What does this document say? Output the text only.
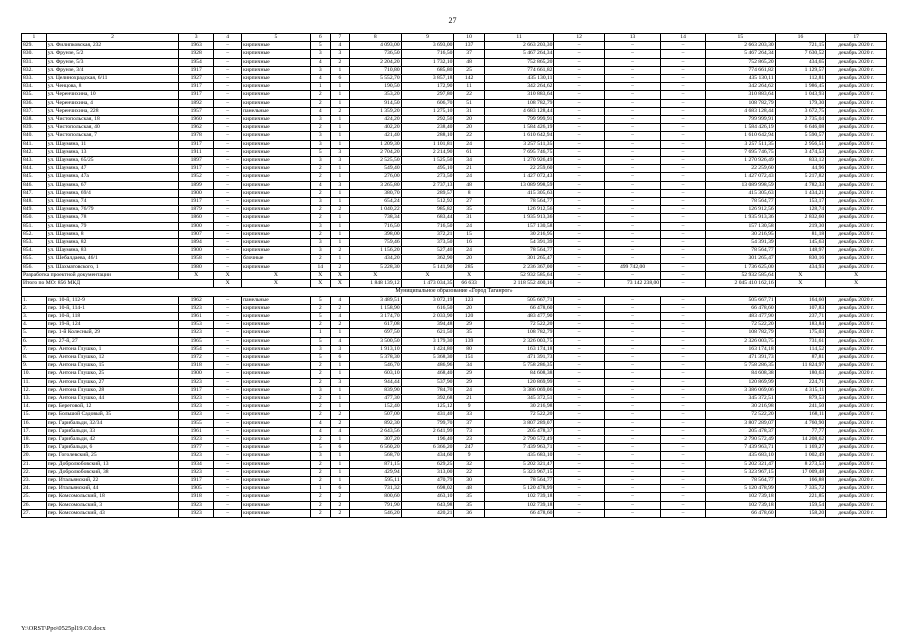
27
1	2	3	4	5	6	7	8	9	10	11	12	13	14	15	16	17
829.	ул. Филипковская, 232	1963	–	кирпичные	5	4	4 093,00	3 693,00	137	2 663 203,30	–	–	–	2 663 203,30	721,15	декабрь 2020 г.
830.	ул. Фрунзе, 5/2	1928	–	кирпичные	3	3	736,50	716,50	37	5 467 264,34	–	–	–	5 467 264,34	7 630,52	декабрь 2020 г.
831.	ул. Фрунзе, 5/3	1954	–	кирпичные	4	2	2 204,20	1 732,10	48	752 865,20	–	–	–	752 865,20	434,65	декабрь 2020 г.
832.	ул. Фрунзе, 3/4	1917	–	кирпичные	3	1	710,80	685,80	25	774 661,82	–	–	–	774 661,82	1 129,57	декабрь 2020 г.
833.	ул. Целинохрадская, 6/11	1927	–	кирпичные	4	6	5 552,70	3 857,18	142	435 130,11	–	–	–	435 130,11	112,81	декабрь 2020 г.
834.	ул. Ченцова, 8	1917	–	кирпичные	1	1	190,50	172,90	11	342 264,62	–	–	–	342 264,62	1 986,45	декабрь 2020 г.
835.	ул. Чеpенчихина, 10	1917	–	кирпичные	2	1	353,20	297,80	22	310 883,64	–	–	–	310 883,64	1 043,93	декабрь 2020 г.
836.	ул. Чеpенчихина, 4	1892	–	кирпичные	2	1	914,50	606,70	51	108 782,79	–	–	–	108 782,79	179,30	декабрь 2020 г.
837.	ул. Чеpенчихина, 228	1957	–	панельные	4	2	1 359,20	1 275,10	31	4 683 128,44	–	–	–	4 683 128,44	3 672,75	декабрь 2020 г.
838.	ул. Чистопольская, 18	1960	–	кирпичные	3	1	424,20	292,50	20	799 999,91	–	–	–	799 999,91	2 735,04	декабрь 2020 г.
839.	ул. Чистопольская, 40	1962	–	кирпичные	2	1	402,20	238,40	20	1 584 426,19	–	–	–	1 584 426,19	6 646,08	декабрь 2020 г.
840.	ул. Чистопольская, 7	1978	–	кирпичные	3	1	421,40	288,10	22	1 610 642,94	–	–	–	1 610 642,94	5 590,57	декабрь 2020 г.
841.	ул. Шаумяна, 11	1917	–	кирпичные	3	1	1 209,30	1 101,81	24	3 257 511,35	–	–	–	3 257 511,35	2 956,51	декабрь 2020 г.
842.	ул. Шаумяна, 13	1911	–	кирпичные	5	3	2 704,20	2 214,90	61	7 695 746,75	–	–	–	7 695 746,75	3 474,53	декабрь 2020 г.
843.	ул. Шаумяна, 65/25	1897	–	кирпичные	3	3	2 525,50	1 525,50	34	1 270 926,49	–	–	–	1 270 926,49	833,12	декабрь 2020 г.
844.	ул. Шаумяна, 47	1917	–	кирпичные	2	1	549,40	495,10	21	22 259,60	–	–	–	22 259,60	44,96	декабрь 2020 г.
845.	ул. Шаумяна, 47а	1952	–	кирпичные	2	1	276,00	273,50	24	1 427 072,43	–	–	–	1 427 072,43	5 217,82	декабрь 2020 г.
846.	ул. Шаумяна, 67	1899	–	кирпичные	4	3	3 265,80	2 737,13	48	13 089 998,59	–	–	–	13 089 998,59	4 782,33	декабрь 2020 г.
847.	ул. Шаумяна, 69/4	1900	–	кирпичные	2	1	380,70	289,57	8	415 305,63	–	–	–	415 305,63	1 434,21	декабрь 2020 г.
848.	ул. Шаумяна, 74	1917	–	кирпичные	3	1	654,24	512,92	27	78 564,77	–	–	–	78 564,77	153,17	декабрь 2020 г.
849.	ул. Шаумяна, 76/79	1879	–	кирпичные	2	2	1 040,22	985,82	35	126 912,56	–	–	–	126 912,56	128,74	декабрь 2020 г.
850.	ул. Шаумяна, 78	1860	–	кирпичные	2	1	738,34	683,44	31	1 935 913,36	–	–	–	1 935 913,36	2 832,60	декабрь 2020 г.
851.	ул. Шаумяна, 79	1900	–	кирпичные	3	1	716,50	716,50	24	157 130,58	–	–	–	157 130,58	219,30	декабрь 2020 г.
852.	ул. Шаумяна, 8	1907	–	кирпичные	2	1	398,00	372,21	15	30 216,95	–	–	–	30 216,95	81,18	декабрь 2020 г.
853.	ул. Шаумяна, 82	1894	–	кирпичные	3	1	759,46	373,50	16	54 391,39	–	–	–	54 391,39	145,63	декабрь 2020 г.
854.	ул. Шаумяна, 83	1900	–	кирпичные	3	2	1 156,20	527,40	24	78 564,77	–	–	–	78 564,77	148,97	декабрь 2020 г.
855.	ул. Шебалдаева, 46/1	1958	–	блочные	2	1	434,20	362,90	20	301 265,47	–	–	–	301 265,47	830,16	декабрь 2020 г.
856.	ул. Шахматовского, 1	1980	–	кирпичные	14	2	5 228,30	5 141,90	285	2 236 367,00	–	499 742,00	–	1 736 625,00	434,93	декабрь 2020 г.
Разработка проектной документации		X	X	X	X	X	X	X	X	52 932 585,64	–	–	–	52 932 585,64	X	X
Итого по МО: 856 МКД			X	X	X	X	1 848 139,12	1 473 034,35	66 633	2 118 552 400,16	–	73 142 238,00	–	2 045 410 162,16	X	X
Муниципальное образование «Город Таганрог»																
1.	пер. 10-й, 112-9	1962	–	панельные	5	4	3 489,51	3 072,19	123	505 667,71	–	–	–	505 667,71	164,60	декабрь 2020 г.
2.	пер. 10-й, 114-1	1923	–	кирпичные	2	2	1 158,90	616,50	20	66 478,60	–	–	–	66 478,60	107,83	декабрь 2020 г.
3.	пер. 10-й, 118	1961	–	кирпичные	5	4	3 174,70	2 033,90	120	483 477,90	–	–	–	483 477,90	237,71	декабрь 2020 г.
4.	пер. 19-й, 124	1953	–	кирпичные	2	2	617,08	394,48	29	72 522,20	–	–	–	72 522,20	183,84	декабрь 2020 г.
5.	пер. 1-й Колесный, 29	1923	–	кирпичные	1	1	697,50	621,50	35	108 782,79	–	–	–	108 782,79	175,03	декабрь 2020 г.
6.	пер. 27-й, 27	1965	–	кирпичные	5	4	3 500,50	3 179,30	139	2 326 003,75	–	–	–	2 326 003,75	731,61	декабрь 2020 г.
7.	пер. Антона Глушко, 1	1954	–	кирпичные	3	3	1 913,10	1 424,80	80	163 174,18	–	–	–	163 174,18	114,52	декабрь 2020 г.
8.	пер. Антона Глушко, 12	1972	–	кирпичные	5	6	5 378,30	5 368,30	151	471 391,73	–	–	–	471 391,73	87,81	декабрь 2020 г.
9.	пер. Антона Глушко, 15	1918	–	кирпичные	2	1	546,70	486,96	34	5 758 286,35	–	–	–	5 758 286,35	11 824,97	декабрь 2020 г.
10.	пер. Антона Глушко, 25	1900	–	кирпичные	2	1	603,10	468,40	29	84 608,38	–	–	–	84 608,38	180,63	декабрь 2020 г.
11.	пер. Антона Глушко, 27	1923	–	кирпичные	2	3	944,44	537,90	29	120 869,99	–	–	–	120 869,99	224,71	декабрь 2020 г.
12.	пер. Антона Глушко, 28	1917	–	кирпичные	3	1	839,90	784,70	24	3 386 069,06	–	–	–	3 386 069,06	4 315,11	декабрь 2020 г.
13.	пер. Антона Глушко, 44	1923	–	кирпичные	2	1	477,30	392,68	21	345 372,51	–	–	–	345 372,51	879,53	декабрь 2020 г.
14.	пер. Береговой, 12	1923	–	кирпичные	2	1	152,40	125,12	9	30 216,98	–	–	–	30 216,98	241,50	декабрь 2020 г.
15.	пер. Большой Садовый, 35	1923	–	кирпичные	2	2	507,00	431,40	33	72 522,20	–	–	–	72 522,20	168,11	декабрь 2020 г.
16.	пер. Гарибальди, 32/34	1955	–	кирпичные	4	2	892,30	799,70	37	3 807 289,07	–	–	–	3 807 289,07	4 760,90	декабрь 2020 г.
17.	пер. Гарибальди, 33	1961	–	кирпичные	4	4	2 643,56	2 641,99	73	205 478,37	–	–	–	205 478,37	77,77	декабрь 2020 г.
18.	пер. Гарибальди, 42	1923	–	кирпичные	2	1	307,20	196,40	23	2 790 572,49	–	–	–	2 790 572,49	14 208,62	декабрь 2020 г.
19.	пер. Гарибальди, 6	1977	–	кирпичные	5	6	6 560,20	6 366,20	247	7 439 963,71	–	–	–	7 439 963,71	1 169,27	декабрь 2020 г.
20.	пер. Гоголевский, 25	1923	–	кирпичные	3	1	568,70	434,60	9	435 683,10	–	–	–	435 683,10	1 002,49	декабрь 2020 г.
21.	пер. Добролюбовский, 13	1934	–	кирпичные	2	1	871,15	629,25	32	5 202 321,47	–	–	–	5 202 321,47	8 273,53	декабрь 2020 г.
22.	пер. Добролюбовский, 38	1923	–	кирпичные	2	1	429,94	313,00	22	5 323 967,15	–	–	–	5 323 967,15	17 009,48	декабрь 2020 г.
23.	пер. Итальянский, 22	1917	–	кирпичные	2	1	595,11	470,79	30	78 564,77	–	–	–	78 564,77	166,88	декабрь 2020 г.
24.	пер. Итальянский, 44	1905	–	кирпичные	1	6	731,32	698,02	48	5 120 478,99	–	–	–	5 120 478,99	7 335,72	декабрь 2020 г.
25.	пер. Комсомольский, 18	1918	–	кирпичные	2	2	800,60	463,10	35	102 739,18	–	–	–	102 739,18	221,85	декабрь 2020 г.
26.	пер. Комсомольский, 3	1923	–	кирпичные	2	2	791,90	643,98	35	102 739,18	–	–	–	102 739,18	159,54	декабрь 2020 г.
27.	пер. Комсомольский, 43	1923	–	кирпичные	2	2	546,20	420,21	36	66 478,60	–	–	–	66 478,60	158,20	декабрь 2020 г.
Y:\ORST\Ppo\0525pl19.C0.docx
